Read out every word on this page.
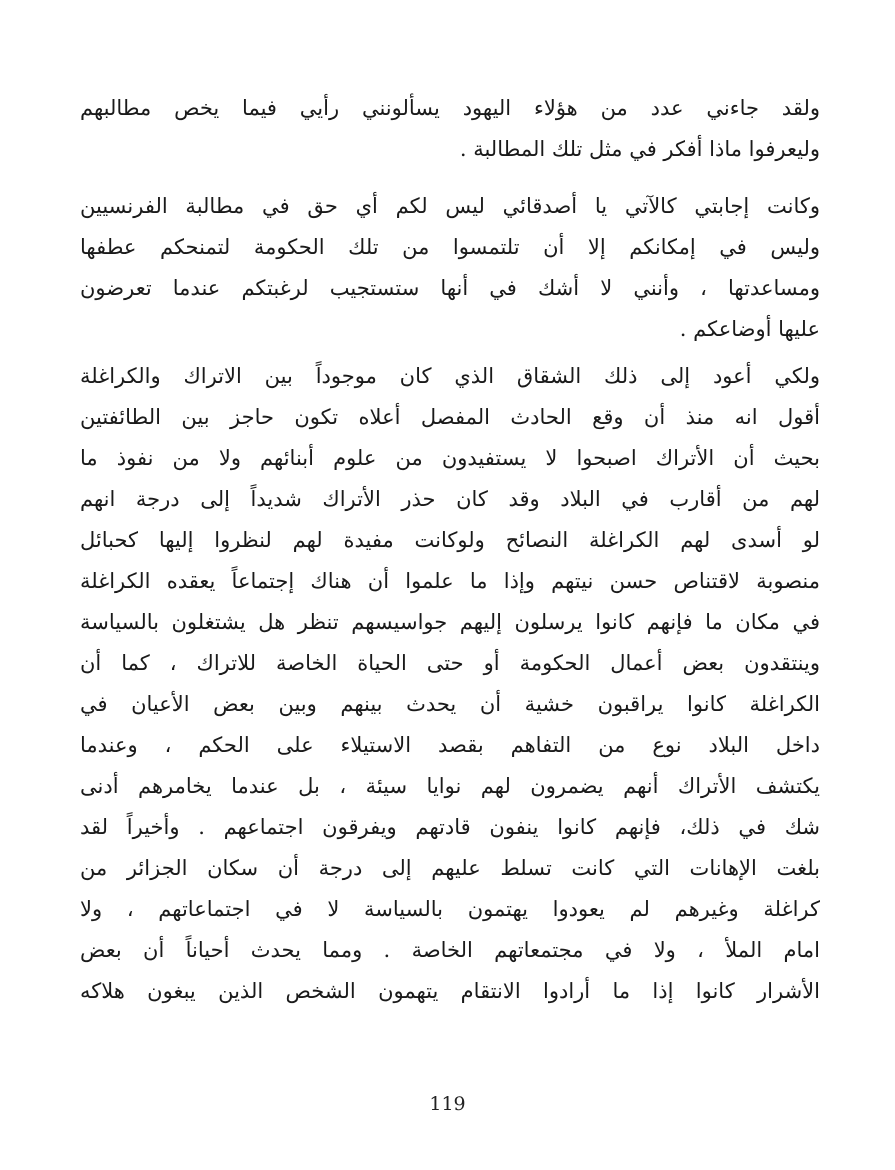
ولقد جاءني عدد من هؤلاء اليهود يسألونني رأيي فيما يخص مطالبهم
وليعرفوا ماذا أفكر في مثل تلك المطالبة .
وكانت إجابتي كالآتي يا أصدقائي ليس لكم أي حق في مطالبة الفرنسيين
وليس في إمكانكم إلا أن تلتمسوا من تلك الحكومة لتمنحكم عطفها
ومساعدتها ، وأنني لا أشك في أنها ستستجيب لرغبتكم عندما تعرضون
عليها أوضاعكم .
ولكي أعود إلى ذلك الشقاق الذي كان موجوداً بين الاتراك والكراغلة
أقول انه منذ أن وقع الحادث المفصل أعلاه تكون حاجز بين الطائفتين
بحيث أن الأتراك اصبحوا لا يستفيدون من علوم أبنائهم ولا من نفوذ ما
لهم من أقارب في البلاد وقد كان حذر الأتراك شديداً إلى درجة انهم
لو أسدى لهم الكراغلة النصائح ولوكانت مفيدة لهم لنظروا إليها كحبائل
منصوبة لاقتناص حسن نيتهم وإذا ما علموا أن هناك إجتماعاً يعقده الكراغلة
في مكان ما فإنهم كانوا يرسلون إليهم جواسيسهم تنظر هل يشتغلون بالسياسة
وينتقدون بعض أعمال الحكومة أو حتى الحياة الخاصة للاتراك ، كما أن
الكراغلة كانوا يراقبون خشية أن يحدث بينهم وبين بعض الأعيان في
داخل البلاد نوع من التفاهم بقصد الاستيلاء على الحكم ، وعندما
يكتشف الأتراك أنهم يضمرون لهم نوايا سيئة ، بل عندما يخامرهم أدنى
شك في ذلك، فإنهم كانوا ينفون قادتهم ويفرقون اجتماعهم . وأخيراً لقد
بلغت الإهانات التي كانت تسلط عليهم إلى درجة أن سكان الجزائر من
كراغلة وغيرهم لم يعودوا يهتمون بالسياسة لا في اجتماعاتهم ، ولا
امام الملأ ، ولا في مجتمعاتهم الخاصة . ومما يحدث أحياناً أن بعض
الأشرار كانوا إذا ما أرادوا الانتقام يتهمون الشخص الذين يبغون هلاكه
119
